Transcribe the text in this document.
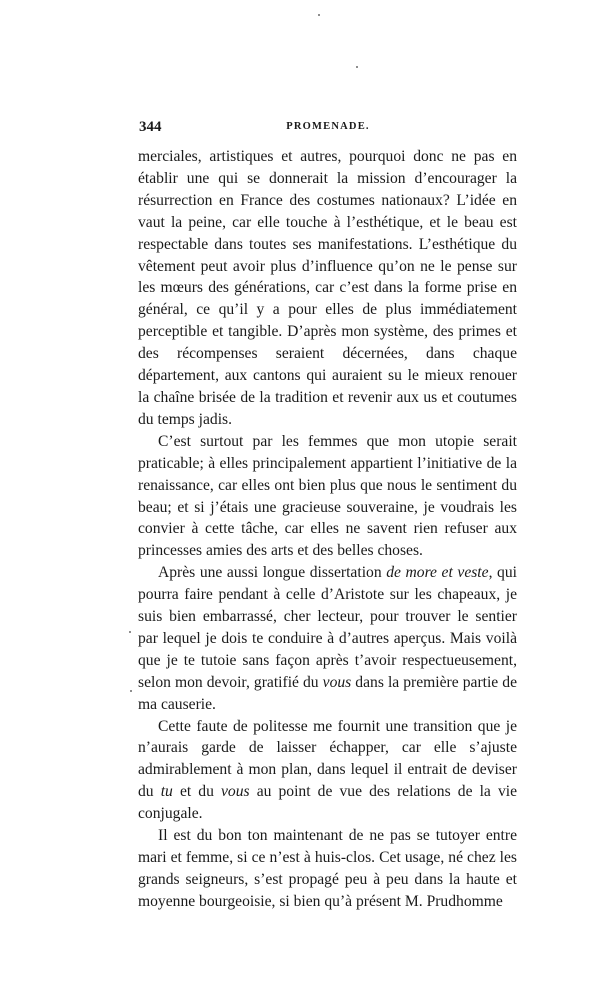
344	PROMENADE.

merciales, artistiques et autres, pourquoi donc ne pas en établir une qui se donnerait la mission d’encourager la résurrection en France des costumes nationaux? L’idée en vaut la peine, car elle touche à l’esthétique, et le beau est respectable dans toutes ses manifestations. L’esthétique du vêtement peut avoir plus d’influence qu’on ne le pense sur les mœurs des générations, car c’est dans la forme prise en général, ce qu’il y a pour elles de plus immédiatement perceptible et tangible. D’après mon système, des primes et des récompenses seraient décernées, dans chaque département, aux cantons qui auraient su le mieux renouer la chaîne brisée de la tradition et revenir aux us et coutumes du temps jadis.

C’est surtout par les femmes que mon utopie serait praticable; à elles principalement appartient l’initiative de la renaissance, car elles ont bien plus que nous le sentiment du beau; et si j’étais une gracieuse souveraine, je voudrais les convier à cette tâche, car elles ne savent rien refuser aux princesses amies des arts et des belles choses.

Après une aussi longue dissertation de more et veste, qui pourra faire pendant à celle d’Aristote sur les chapeaux, je suis bien embarrassé, cher lecteur, pour trouver le sentier par lequel je dois te conduire à d’autres aperçus. Mais voilà que je te tutoie sans façon après t’avoir respectueusement, selon mon devoir, gratifié du vous dans la première partie de ma causerie.

Cette faute de politesse me fournit une transition que je n’aurais garde de laisser échapper, car elle s’ajuste admirablement à mon plan, dans lequel il entrait de deviser du tu et du vous au point de vue des relations de la vie conjugale.

Il est du bon ton maintenant de ne pas se tutoyer entre mari et femme, si ce n’est à huis-clos. Cet usage, né chez les grands seigneurs, s’est propagé peu à peu dans la haute et moyenne bourgeoisie, si bien qu’à présent M. Prudhomme
